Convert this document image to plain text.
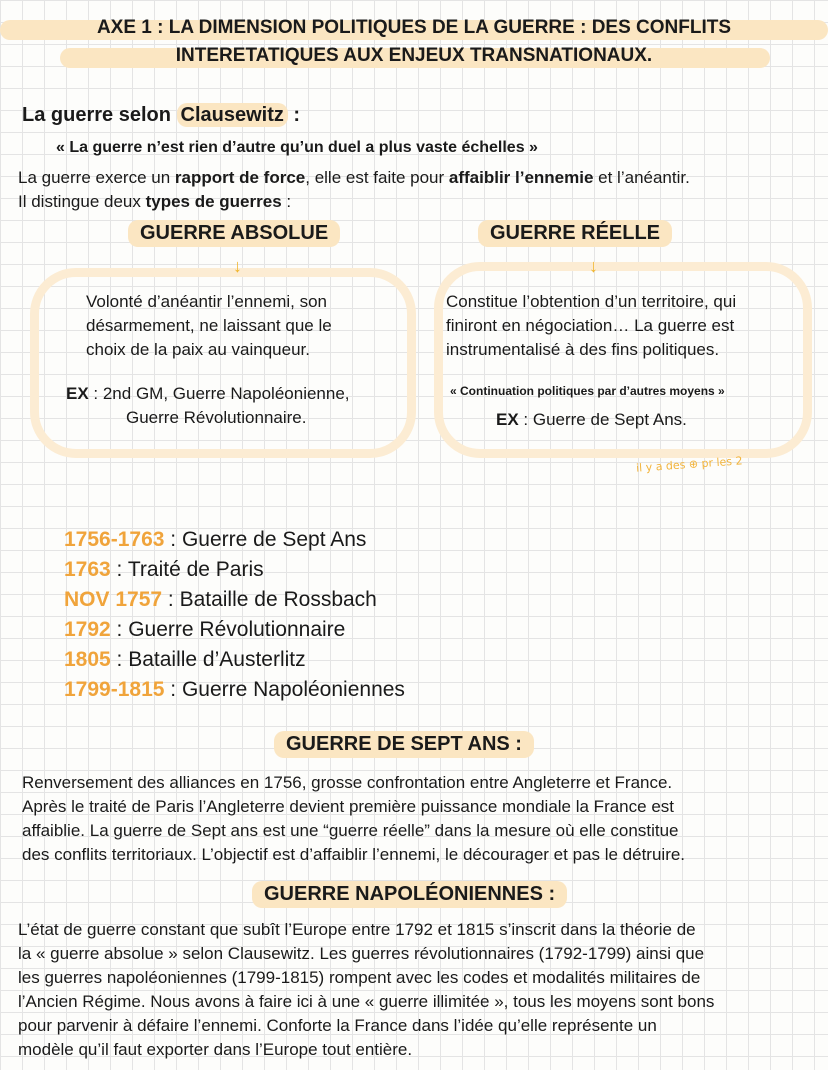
AXE 1 : LA DIMENSION POLITIQUES DE LA GUERRE : DES CONFLITS
INTERETATIQUES AUX ENJEUX TRANSNATIONAUX.
La guerre selon Clausewitz :
« La guerre n’est rien d’autre qu’un duel a plus vaste échelles »
La guerre exerce un rapport de force, elle est faite pour affaiblir l’ennemie et l’anéantir.
Il distingue deux types de guerres :
GUERRE ABSOLUE
↓
Volonté d’anéantir l’ennemi, son
désarmement, ne laissant que le
choix de la paix au vainqueur.
EX : 2nd GM, Guerre Napoléonienne,
Guerre Révolutionnaire.
GUERRE RÉELLE
↓
Constitue l’obtention d’un territoire, qui
finiront en négociation… La guerre est
instrumentalisé à des fins politiques.
« Continuation politiques par d’autres moyens »
EX : Guerre de Sept Ans.
il y a des ⊕ pr les 2
1756-1763 : Guerre de Sept Ans
1763 : Traité de Paris
NOV 1757 : Bataille de Rossbach
1792 : Guerre Révolutionnaire
1805 : Bataille d’Austerlitz
1799-1815 : Guerre Napoléoniennes
GUERRE DE SEPT ANS :
Renversement des alliances en 1756, grosse confrontation entre Angleterre et France.
Après le traité de Paris l’Angleterre devient première puissance mondiale la France est
affaiblie. La guerre de Sept ans est une “guerre réelle” dans la mesure où elle constitue
des conflits territoriaux. L’objectif est d’affaiblir l’ennemi, le décourager et pas le détruire.
GUERRE NAPOLÉONIENNES :
L’état de guerre constant que subît l’Europe entre 1792 et 1815 s’inscrit dans la théorie de
la « guerre absolue » selon Clausewitz. Les guerres révolutionnaires (1792-1799) ainsi que
les guerres napoléoniennes (1799-1815) rompent avec les codes et modalités militaires de
l’Ancien Régime. Nous avons à faire ici à une « guerre illimitée », tous les moyens sont bons
pour parvenir à défaire l’ennemi. Conforte la France dans l’idée qu’elle représente un
modèle qu’il faut exporter dans l’Europe tout entière.
